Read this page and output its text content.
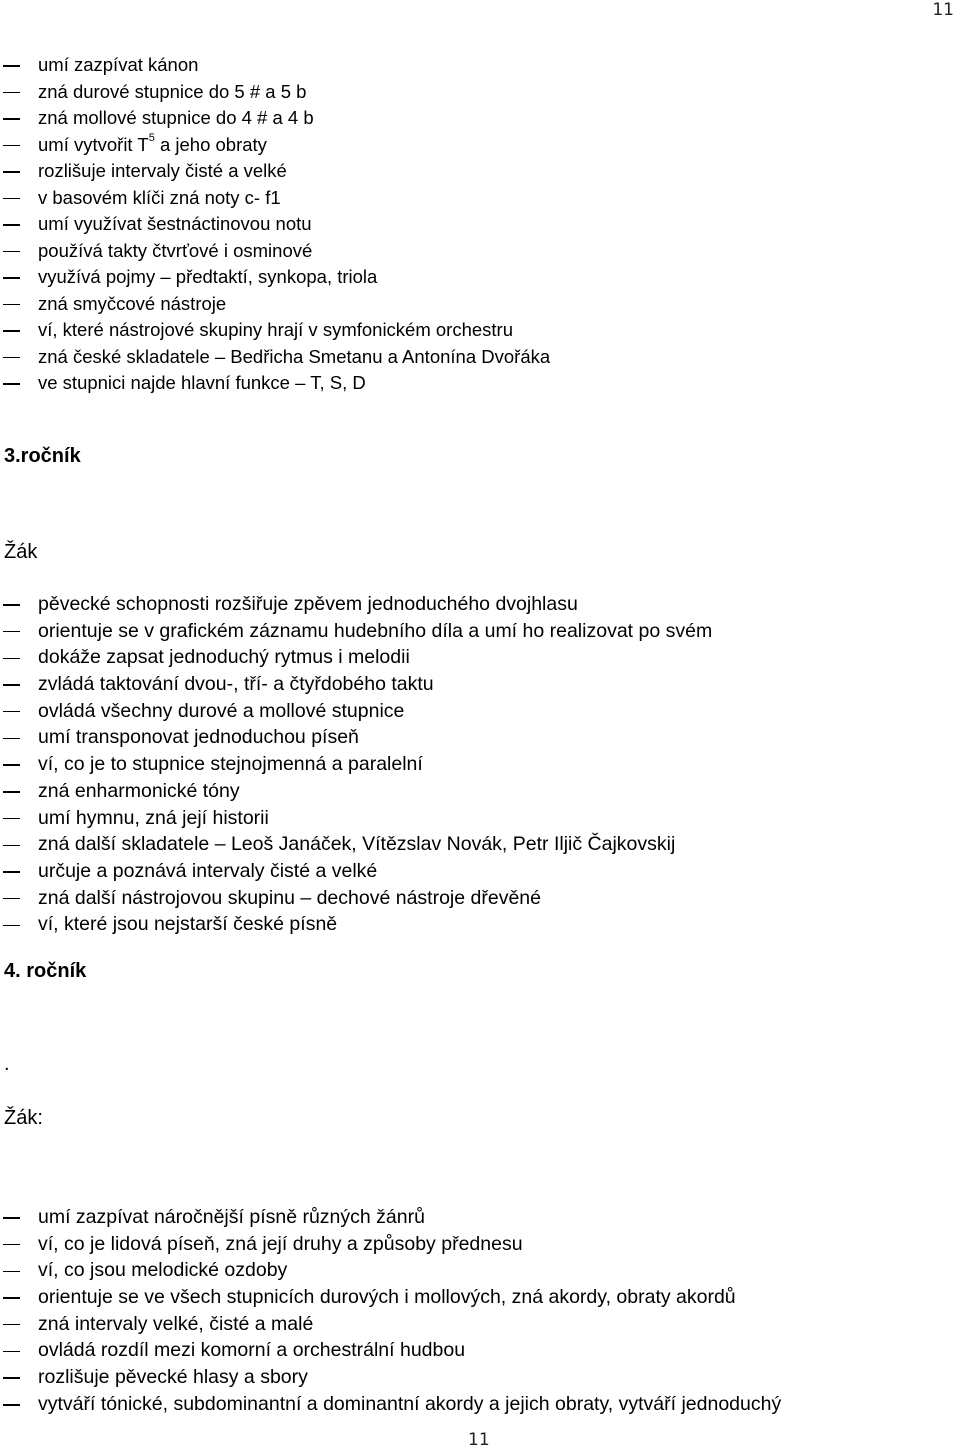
11
umí zazpívat kánon
zná durové stupnice do 5 # a 5 b
zná mollové stupnice do 4 # a 4 b
umí vytvořit $T^5$ a jeho obraty
rozlišuje intervaly čisté a velké
v basovém klíči zná noty c- f1
umí využívat šestnáctinovou notu
používá takty čtvrťové i osminové
využívá pojmy – předtaktí, synkopa, triola
zná smyčcové nástroje
ví, které nástrojové skupiny hrají v symfonickém orchestru
zná české skladatele – Bedřicha Smetanu a Antonína Dvořáka
ve stupnici najde hlavní funkce – T, S, D
3.ročník
Žák
pěvecké schopnosti rozšiřuje zpěvem jednoduchého dvojhlasu
orientuje se v grafickém záznamu hudebního díla a umí ho realizovat po svém
dokáže zapsat jednoduchý rytmus i melodii
zvládá taktování dvou-, tří- a čtyřdobého taktu
ovládá všechny durové a mollové stupnice
umí transponovat jednoduchou píseň
ví, co je to stupnice stejnojmenná a paralelní
zná enharmonické tóny
umí hymnu, zná její historii
zná další skladatele – Leoš Janáček, Vítězslav Novák, Petr Iljič Čajkovskij
určuje a poznává intervaly čisté a velké
zná další nástrojovou skupinu – dechové nástroje dřevěné
ví, které jsou nejstarší české písně
4. ročník
.
Žák:
umí zazpívat náročnější písně různých žánrů
ví, co je lidová píseň, zná její druhy a způsoby přednesu
ví, co jsou melodické ozdoby
orientuje se ve všech stupnicích durových i mollových, zná akordy, obraty akordů
zná intervaly velké, čisté a malé
ovládá rozdíl mezi komorní a orchestrální hudbou
rozlišuje pěvecké hlasy a sbory
vytváří tónické, subdominantní a dominantní akordy a jejich obraty, vytváří jednoduchý
11
